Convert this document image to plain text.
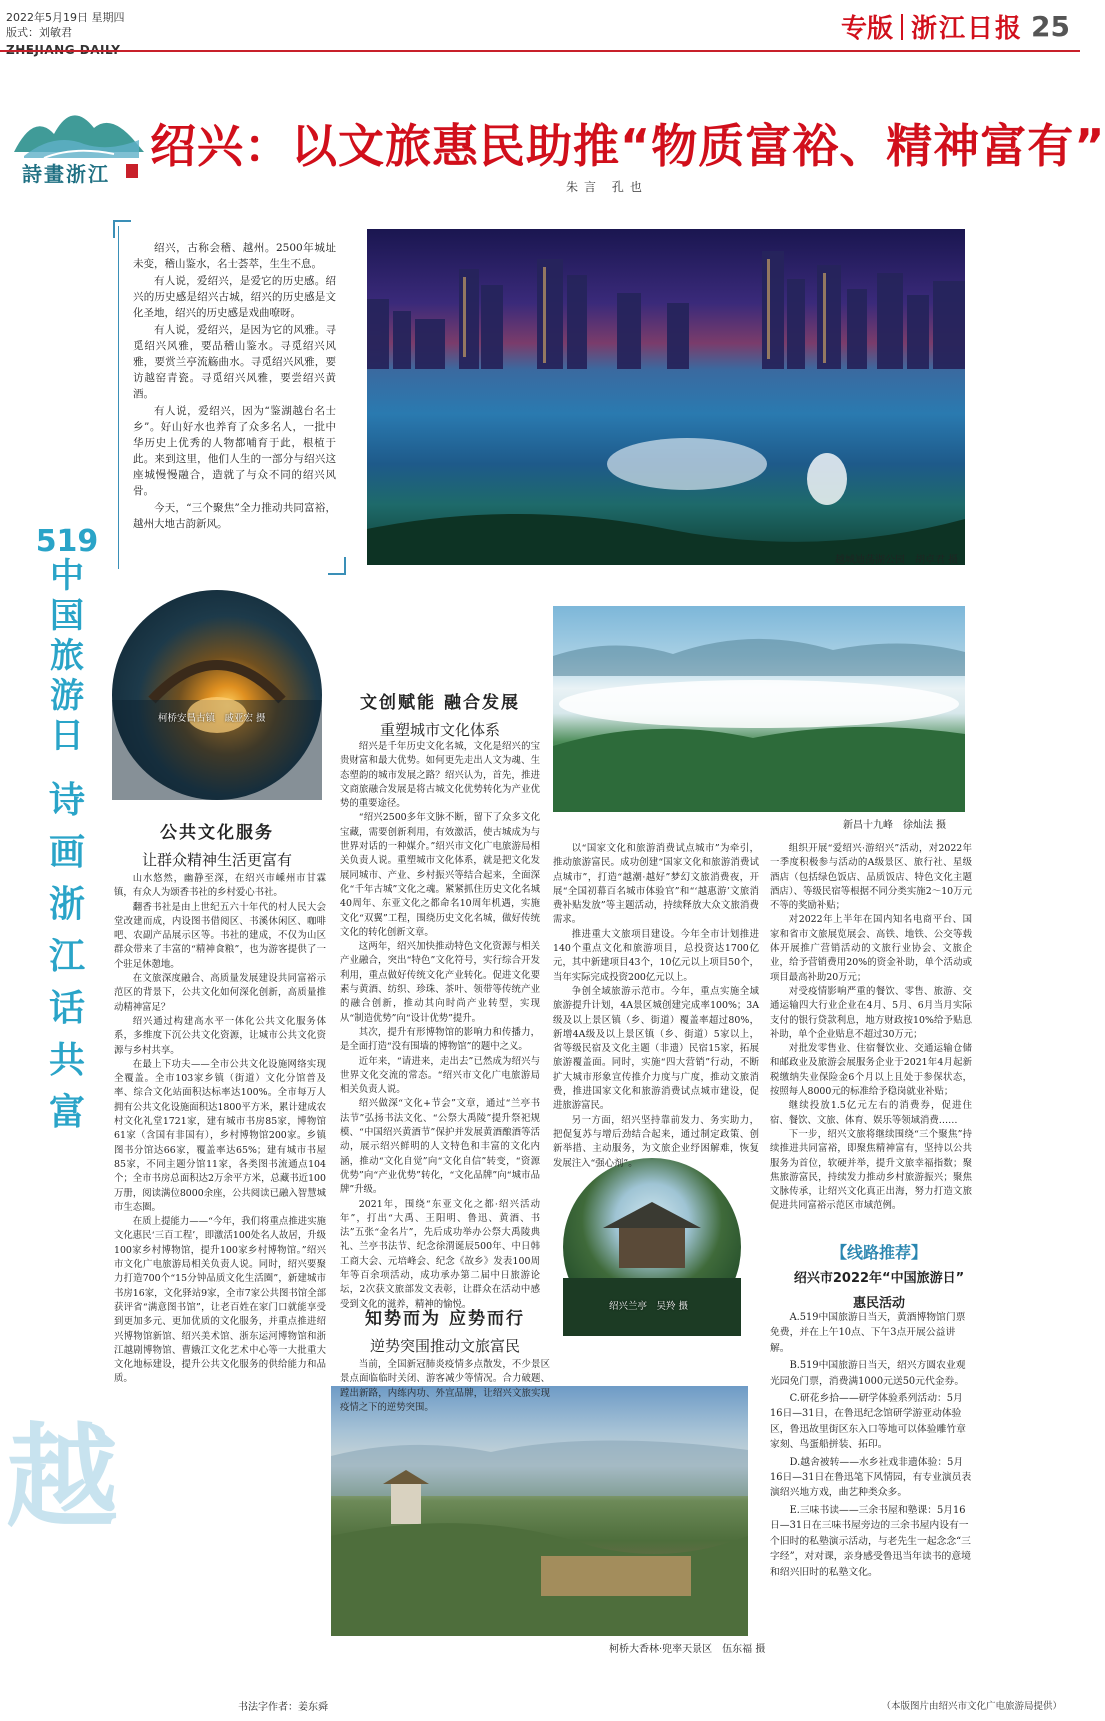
2022年5月19日 星期四
版式：刘敏君	专版 浙江日报 25
詩畫浙江
绍兴：以文旅惠民助推“物质富裕、精神富有”
朱言 孔也

绍兴，古称会稽、越州。2500年城址未变，稽山鉴水，名士荟萃，生生不息。

有人说，爱绍兴，是爱它的历史感。绍兴的历史感是绍兴古城，绍兴的历史感是文化圣地，绍兴的历史感是戏曲嘹呀。

有人说，爱绍兴，是因为它的风雅。寻觅绍兴风雅，要品稽山鉴水。寻觅绍兴风雅，要赏兰亭流觞曲水。寻觅绍兴风雅，要访越窑青瓷。寻觅绍兴风雅，要尝绍兴黄酒。

有人说，爱绍兴，因为“鉴湖越台名士乡”。好山好水也养育了众多名人，一批中华历史上优秀的人物都哺育于此，根植于此。来到这里，他们人生的一部分与绍兴这座城慢慢融合，造就了与众不同的绍兴风骨。

今天，“三个聚焦”全力推动共同富裕，越州大地古韵新风。

519
中国旅游日
诗画浙江话共富
越城迪荡湖公园　胡卓君 摄
柯桥安昌古镇　戚亚宏 摄
新昌十九峰　徐灿法 摄
绍兴兰亭　吴羚 摄
柯桥大香林·兜率天景区　伍东福 摄
公共文化服务
让群众精神生活更富有

山水悠然，幽静至深，在绍兴市嵊州市甘霖镇，有众人为颂香书社的乡村爱心书社。

翻香书社是由上世纪五六十年代的村人民大会堂改建而成，内设图书借阅区、书溪休闲区、咖啡吧、农副产品展示区等。书社的建成，不仅为山区群众带来了丰富的“精神食粮”，也为游客提供了一个驻足休憩地。

在文旅深度融合、高质量发展建设共同富裕示范区的背景下，公共文化如何深化创新，高质量推动精神富足？

绍兴通过构建高水平一体化公共文化服务体系，多维度下沉公共文化资源，让城市公共文化资源与乡村共享。

在最上下功夫——全市公共文化设施网络实现全覆盖。全市103家乡镇（街道）文化分馆普及率、综合文化站面积达标率达100%。全市每万人拥有公共文化设施面积达1800平方米，累计建成农村文化礼堂1721家，建有城市书房85家，博物馆61家（含国有非国有），乡村博物馆200家。乡镇图书分馆达66家，覆盖率达65%；建有城市书屋85家，不同主题分馆11家，各类图书流通点104个；全市书房总面积达2万余平方米，总藏书近100万册，阅读满位8000余座，公共阅读已融入智慧城市生态圈。

在质上提能力——“今年，我们将重点推进实施文化惠民‘三百工程’，即激活100处名人故居，升级100家乡村博物馆，提升100家乡村博物馆。”绍兴市文化广电旅游局相关负责人说。同时，绍兴要聚力打造700个“15分钟品质文化生活圈”，新建城市书房16家，文化驿站9家，全市7家公共图书馆全部获评省“满意图书馆”，让老百姓在家门口就能享受到更加多元、更加优质的文化服务，并重点推进绍兴博物馆新馆、绍兴美术馆、浙东运河博物馆和浙江越剧博物馆、曹娥江文化艺术中心等一大批重大文化地标建设，提升公共文化服务的供给能力和品质。

文创赋能 融合发展
重塑城市文化体系

绍兴是千年历史文化名城，文化是绍兴的宝贵财富和最大优势。如何更先走出人文为魂、生态塑韵的城市发展之路？绍兴认为，首先，推进文商旅融合发展是将古城文化优势转化为产业优势的重要途径。

“绍兴2500多年文脉不断，留下了众多文化宝藏，需要创新利用，有效激活，使古城成为与世界对话的一种媒介。”绍兴市文化广电旅游局相关负责人说。重塑城市文化体系，就是把文化发展同城市、产业、乡村振兴等结合起来，全面深化“千年古城”文化之魂。紧紧抓住历史文化名城40周年、东亚文化之都命名10周年机遇，实施文化“双翼”工程，围绕历史文化名城，做好传统文化的转化创新文章。

这两年，绍兴加快推动特色文化资源与相关产业融合，突出“特色”文化符号，实行综合开发利用，重点做好传统文化产业转化。促进文化要素与黄酒、纺织、珍珠、茶叶、领带等传统产业的融合创新，推动其向时尚产业转型，实现从“制造优势”向“设计优势”提升。

其次，提升有形博物馆的影响力和传播力，是全面打造“没有围墙的博物馆”的题中之义。

近年来，“请进来，走出去”已然成为绍兴与世界文化交流的常态。“绍兴市文化广电旅游局相关负责人说。

绍兴做深“文化+节会”文章，通过“兰亭书法节”弘扬书法文化、“公祭大禹陵”提升祭祀规模、“中国绍兴黄酒节”保护并发展黄酒酿酒等活动，展示绍兴鲜明的人文特色和丰富的文化内涵，推动“文化自觉”向“文化自信”转变，“资源优势”向“产业优势”转化，“文化品牌”向“城市品牌”升级。

2021年，围绕“东亚文化之都·绍兴活动年”，打出“大禹、王阳明、鲁迅、黄酒、书法”五张“金名片”，先后成功举办公祭大禹陵典礼、兰亭书法节、纪念徐渭诞辰500年、中日韩工商大会、元培峰会、纪念《故乡》发表100周年等百余项活动，成功承办第二届中日旅游论坛，2次获文旅部发文表彰，让群众在活动中感受到文化的滋养，精神的愉悦。

知势而为 应势而行
逆势突围推动文旅富民

当前，全国新冠肺炎疫情多点散发，不少景区景点面临临时关闭、游客减少等情况。合力破题、蹚出新路，内练内功、外宣品牌，让绍兴文旅实现疫情之下的逆势突围。

以“国家文化和旅游消费试点城市”为牵引，推动旅游富民。成功创建“国家文化和旅游消费试点城市”，打造“越潮·越好”梦幻文旅消费夜，开展“全国初幕百名城市体验官”和“‘越惠游’文旅消费补贴发放”等主题活动，持续释放大众文旅消费需求。

推进重大文旅项目建设。今年全市计划推进140个重点文化和旅游项目，总投资达1700亿元，其中新建项目43个，10亿元以上项目50个，当年实际完成投资200亿元以上。

争创全域旅游示范市。今年，重点实施全域旅游提升计划，4A景区城创建完成率100%；3A级及以上景区镇（乡、街道）覆盖率超过80%，新增4A级及以上景区镇（乡、街道）5家以上，省等级民宿及文化主题（非遗）民宿15家，拓展旅游覆盖面。同时，实施“四大营销”行动，不断扩大城市形象宣传推介力度与广度，推动文旅消费，推进国家文化和旅游消费试点城市建设，促进旅游富民。

另一方面，绍兴坚持靠前发力、务实助力，把促复苏与增后劲结合起来，通过制定政策、创新举措、主动服务，为文旅企业纾困解难，恢复发展注入“强心剂”。

组织开展“爱绍兴·游绍兴”活动，对2022年一季度积极参与活动的A级景区、旅行社、星级酒店（包括绿色饭店、品质饭店、特色文化主题酒店）、等级民宿等根据不同分类实施2～10万元不等的奖励补贴；

对2022年上半年在国内知名电商平台、国家和省市文旅展览展会、高铁、地铁、公交等载体开展推广营销活动的文旅行业协会、文旅企业，给予营销费用20%的资金补助，单个活动或项目最高补助20万元；

对受疫情影响严重的餐饮、零售、旅游、交通运输四大行业企业在4月、5月、6月当月实际支付的银行贷款利息，地方财政按10%给予贴息补助，单个企业贴息不超过30万元；

对批发零售业、住宿餐饮业、交通运输仓储和邮政业及旅游会展服务企业于2021年4月起新税缴纳失业保险金6个月以上且处于参保状态，按照每人8000元的标准给予稳岗就业补贴；

继续投放1.5亿元左右的消费券，促进住宿、餐饮、文旅、体育、娱乐等领域消费……

下一步，绍兴文旅将继续围绕“三个聚焦”持续推进共同富裕，即聚焦精神富有，坚持以公共服务为首位，软硬并举，提升文旅幸福指数；聚焦旅游富民，持续发力推动乡村旅游振兴；聚焦文脉传承，让绍兴文化真正出海，努力打造文旅促进共同富裕示范区市域范例。

【线路推荐】
绍兴市2022年“中国旅游日”
惠民活动

A.519中国旅游日当天，黄酒博物馆门票免费，并在上午10点、下午3点开展公益讲解。

B.519中国旅游日当天，绍兴方圆农业观光园免门票，消费满1000元送50元代金券。

C.研花乡拾——研学体验系列活动：5月16日—31日，在鲁迅纪念馆研学游亚动体验区，鲁迅故里街区东入口等地可以体验雕竹章家刻、鸟蛋船拼装、拓印。

D.越舍被转——水乡社戏非遗体验：5月16日—31日在鲁迅笔下风情园，有专业演员表演绍兴地方戏，曲艺种类众多。

E.三味书读——三余书屋和塾课：5月16日—31日在三味书屋旁边的三余书屋内设有一个旧时的私塾演示活动，与老先生一起念念“三字经”，对对课，亲身感受鲁迅当年读书的意境和绍兴旧时的私塾文化。

越
书法字作者：姜东舜	（本版图片由绍兴市文化广电旅游局提供）
